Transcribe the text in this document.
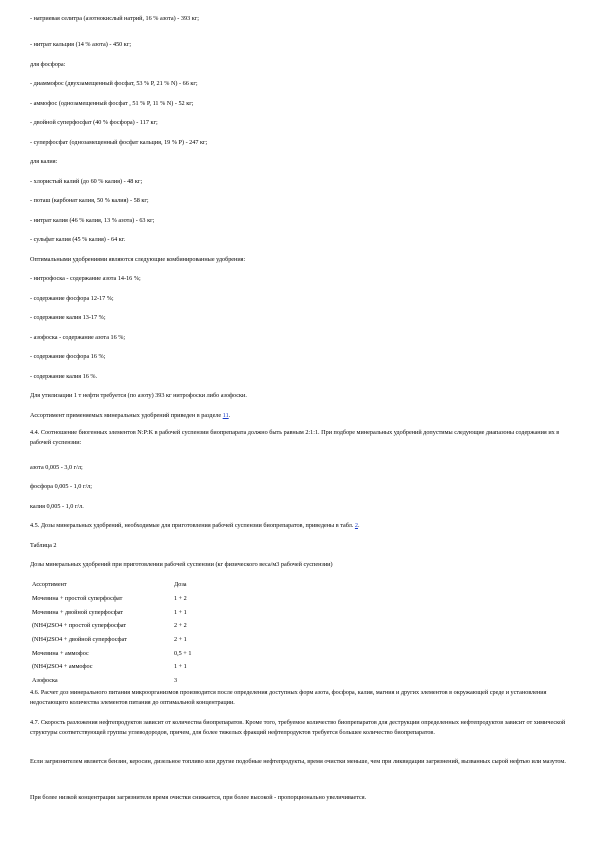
- натриевая селитра (азотнокислый натрий, 16 % азота) - 393 кг;
- нитрат кальция (14 % азота) - 450 кг;
для фосфора:
- диаммофос (двухзамещенный фосфат, 53 % Р, 21 % N) - 66 кг;
- аммофос (однозамещенный фосфат , 51 % Р, 11 % N) - 52 кг;
- двойной суперфосфат (40 % фосфора) - 117 кг;
- суперфосфат (однозамещенный фосфат кальция, 19 % Р) - 247 кг;
для калия:
- хлористый калий (до 60 % калия) - 48 кг;
- поташ (карбонат калия, 50 % калия) - 58 кг;
- нитрат калия (46 % калия, 13 % азота) - 63 кг;
- сульфат калия (45 % калия) - 64 кг.
Оптимальными удобрениями являются следующие комбинированные удобрения:
- нитрофоска - содержание азота 14-16 %;
- содержание фосфора 12-17 %;
- содержание калия 13-17 %;
- азофоска - содержание азота 16 %;
- содержание фосфора 16 %;
- содержание калия 16 %.
Для утилизации 1 т нефти требуется (по азоту) 393 кг нитрофоски либо азофоски.
Ассортимент применяемых минеральных удобрений приведен в разделе 11.
4.4. Соотношение биогенных элементов N:P:K в рабочей суспензии биопрепарата должно быть равным 2:1:1. При подборе минеральных удобрений допустимы следующие диапазоны содержания их в рабочей суспензии:
азота 0,005 - 3,0 г/л;
фосфора 0,005 - 1,0 г/л;
калия 0,005 - 1,0 г/л.
4.5. Дозы минеральных удобрений, необходимые для приготовления рабочей суспензии биопрепаратов, приведены в табл. 2.
Таблица 2
Дозы минеральных удобрений при приготовлении рабочей суспензии (кг физического веса/м3 рабочей суспензии)
Ассортимент	Доза
Мочевина + простой суперфосфат	1 + 2
Мочевина + двойной суперфосфат	1 + 1
(NH4)2SO4 + простой суперфосфат	2 + 2
(NH4)2SO4 + двойной суперфосфат	2 + 1
Мочевина + аммофос	0,5 + 1
(NH4)2SO4 + аммофос	1 + 1
Азофоска	3
4.6. Расчет доз минерального питания микроорганизмов производится после определения доступных форм азота, фосфора, калия, магния и других элементов в окружающей среде и установления недостающего количества элементов питания до оптимальной концентрации.
4.7. Скорость разложения нефтепродуктов зависит от количества биопрепаратов. Кроме того, требуемое количество биопрепаратов для деструкции определенных нефтепродуктов зависит от химической структуры соответствующей группы углеводородов, причем, для более тяжелых фракций нефтепродуктов требуется большее количество биопрепаратов.
Если загрязнителем является бензин, керосин, дизельное топливо или другие подобные нефтепродукты, время очистки меньше, чем при ликвидации загрязнений, вызванных сырой нефтью или мазутом.
При более низкой концентрации загрязнителя время очистки снижается, при более высокой - пропорционально увеличивается.
